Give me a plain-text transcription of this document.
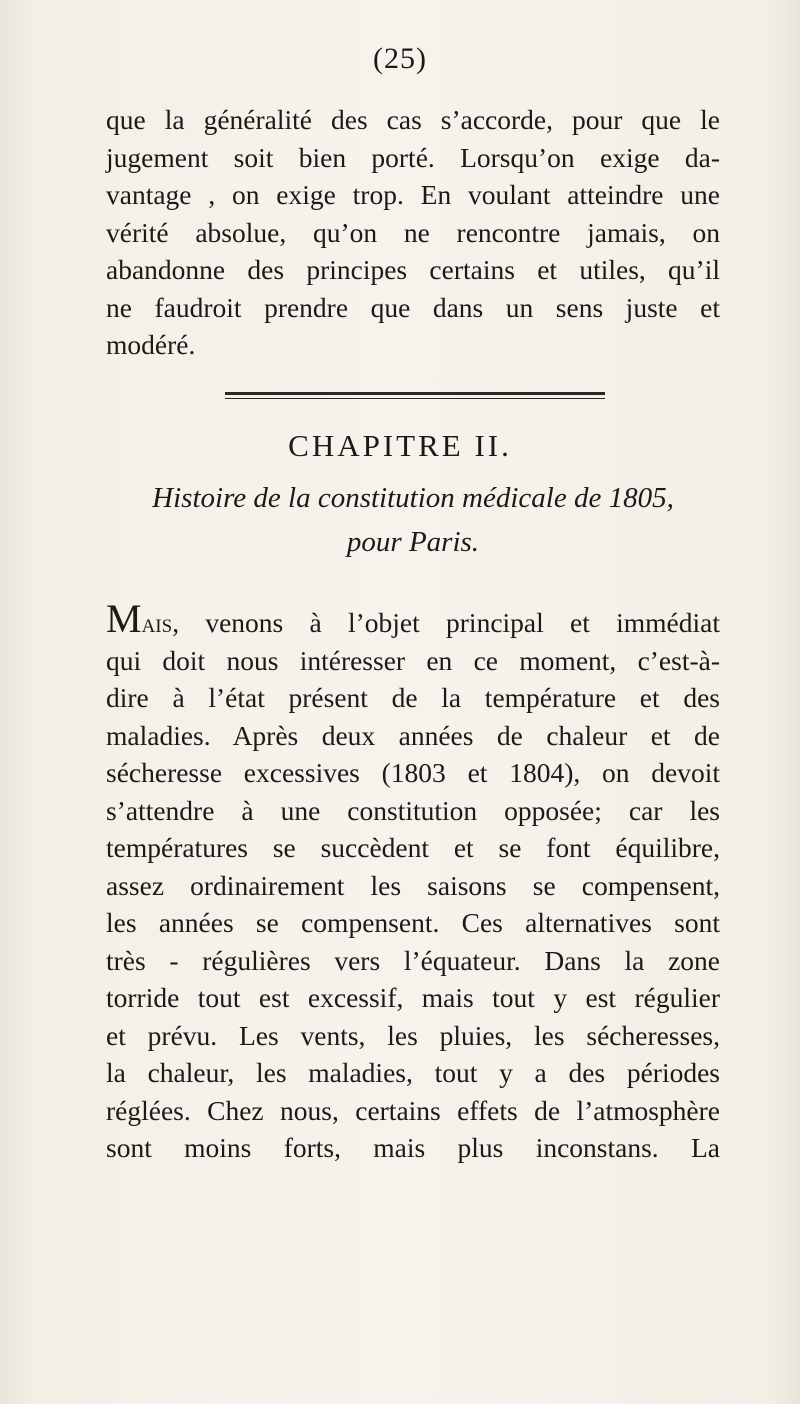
(25)
que la généralité des cas s’accorde, pour que le
jugement soit bien porté. Lorsqu’on exige da-
vantage , on exige trop. En voulant atteindre une
vérité absolue, qu’on ne rencontre jamais, on
abandonne des principes certains et utiles, qu’il
ne faudroit prendre que dans un sens juste et
modéré.
CHAPITRE II.
Histoire de la constitution médicale de 1805,
pour Paris.
Mais, venons à l’objet principal et immédiat
qui doit nous intéresser en ce moment, c’est-à-
dire à l’état présent de la température et des
maladies. Après deux années de chaleur et de
sécheresse excessives (1803 et 1804), on devoit
s’attendre à une constitution opposée; car les
températures se succèdent et se font équilibre,
assez ordinairement les saisons se compensent,
les années se compensent. Ces alternatives sont
très - régulières vers l’équateur. Dans la zone
torride tout est excessif, mais tout y est régulier
et prévu. Les vents, les pluies, les sécheresses,
la chaleur, les maladies, tout y a des périodes
réglées. Chez nous, certains effets de l’atmosphère
sont moins forts, mais plus inconstans. La
